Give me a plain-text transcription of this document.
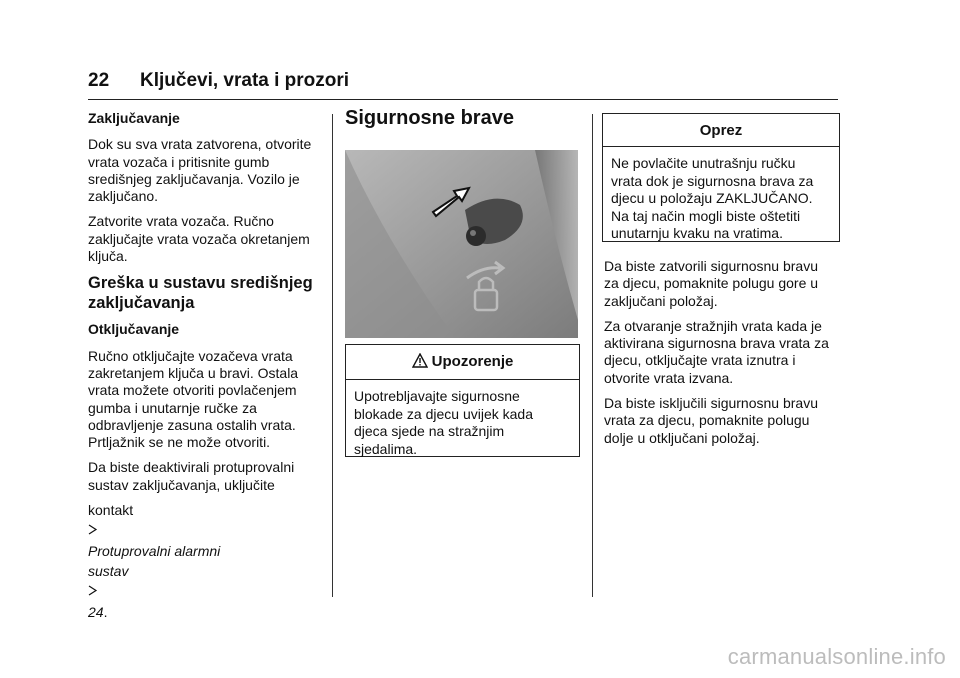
22 Ključevi, vrata i prozori

Zaključavanje

Dok su sva vrata zatvorena, otvorite
vrata vozača i pritisnite gumb
središnjeg zaključavanja. Vozilo je
zaključano.

Zatvorite vrata vozača. Ručno
zaključajte vrata vozača okretanjem
ključa.

Greška u sustavu središnjeg
zaključavanja

Otključavanje

Ručno otključajte vozačeva vrata
zakretanjem ključa u bravi. Ostala
vrata možete otvoriti povlačenjem
gumba i unutarnje ručke za
odbravljenje zasuna ostalih vrata.
Prtljažnik se ne može otvoriti.

Da biste deaktivirali protuprovalni
sustav zaključavanja, uključite

kontakt

Protuprovalni alarmni
sustav

24.

Sigurnosne brave
Upozorenje
Upotrebljavajte sigurnosne
blokade za djecu uvijek kada
djeca sjede na stražnjim
sjedalima.
Oprez
Ne povlačite unutrašnju ručku
vrata dok je sigurnosna brava za
djecu u položaju ZAKLJUČANO.
Na taj način mogli biste oštetiti
unutarnju kvaku na vratima.

Da biste zatvorili sigurnosnu bravu
za djecu, pomaknite polugu gore u
zaključani položaj.

Za otvaranje stražnjih vrata kada je
aktivirana sigurnosna brava vrata za
djecu, otključajte vrata iznutra i
otvorite vrata izvana.

Da biste isključili sigurnosnu bravu
vrata za djecu, pomaknite polugu
dolje u otključani položaj.

carmanualsonline.info
